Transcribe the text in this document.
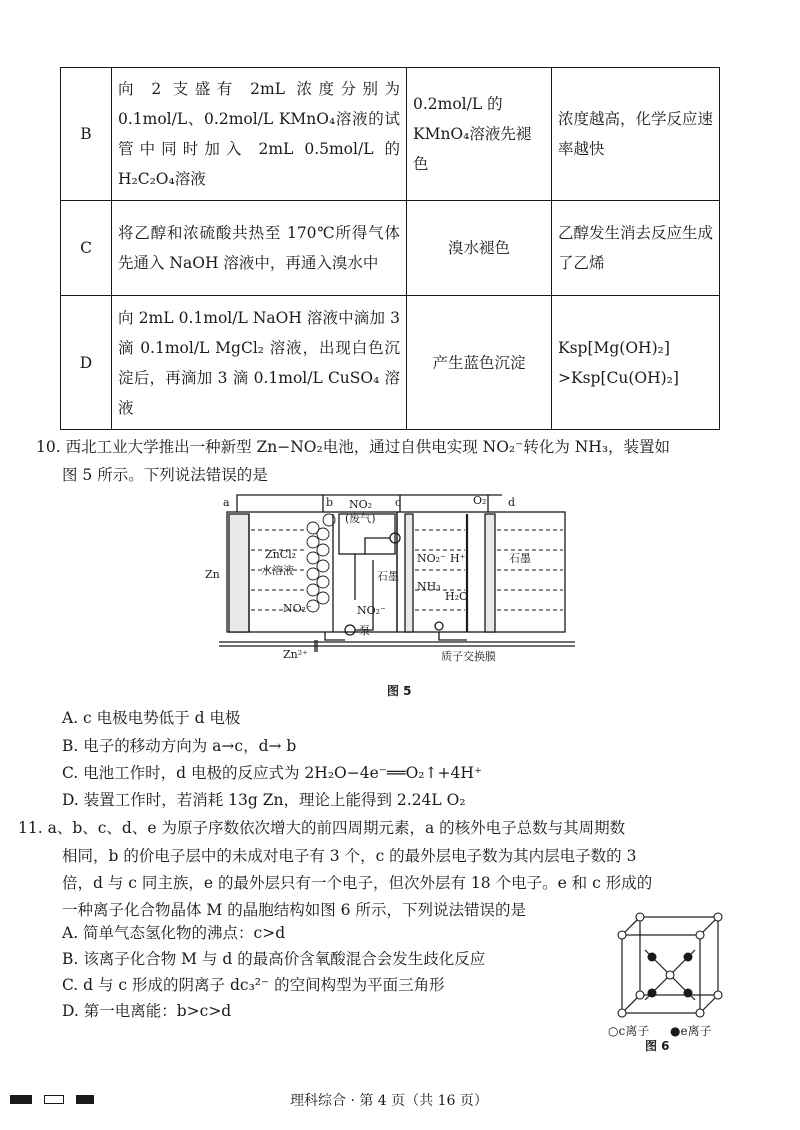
B	向 2 支盛有 2mL 浓度分别为 0.1mol/L、0.2mol/L KMnO₄溶液的试管中同时加入 2mL 0.5mol/L 的 H₂C₂O₄溶液	0.2mol/L 的 KMnO₄溶液先褪色	浓度越高，化学反应速率越快
C	将乙醇和浓硫酸共热至 170℃所得气体先通入 NaOH 溶液中，再通入溴水中	溴水褪色	乙醇发生消去反应生成了乙烯
D	向 2mL 0.1mol/L NaOH 溶液中滴加 3 滴 0.1mol/L MgCl₂ 溶液，出现白色沉淀后，再滴加 3 滴 0.1mol/L CuSO₄ 溶液	产生蓝色沉淀	Ksp[Mg(OH)₂] >Ksp[Cu(OH)₂]
10. 西北工业大学推出一种新型 Zn−NO₂电池，通过自供电实现 NO₂⁻转化为 NH₃，装置如
图 5 所示。下列说法错误的是
a	b	c	d
NO₂
(废气)
O₂
ZnCl₂
水溶液
Zn
NO₂⁻	NO₂⁻
NO₂⁻ H⁺
NH₃
H₂O
石墨
石墨
泵
Zn²⁺	质子交换膜
图 5
A. c 电极电势低于 d 电极
B. 电子的移动方向为 a→c，d→ b
C. 电池工作时，d 电极的反应式为 2H₂O−4e⁻══O₂↑+4H⁺
D. 装置工作时，若消耗 13g Zn，理论上能得到 2.24L O₂
11. a、b、c、d、e 为原子序数依次增大的前四周期元素，a 的核外电子总数与其周期数
相同，b 的价电子层中的未成对电子有 3 个，c 的最外层电子数为其内层电子数的 3
倍，d 与 c 同主族，e 的最外层只有一个电子，但次外层有 18 个电子。e 和 c 形成的
一种离子化合物晶体 M 的晶胞结构如图 6 所示，下列说法错误的是
A. 简单气态氢化物的沸点：c>d
B. 该离子化合物 M 与 d 的最高价含氧酸混合会发生歧化反应
C. d 与 c 形成的阴离子 dc₃²⁻ 的空间构型为平面三角形
D. 第一电离能：b>c>d
○c离子 ●e离子
图 6
理科综合 · 第 4 页（共 16 页）
